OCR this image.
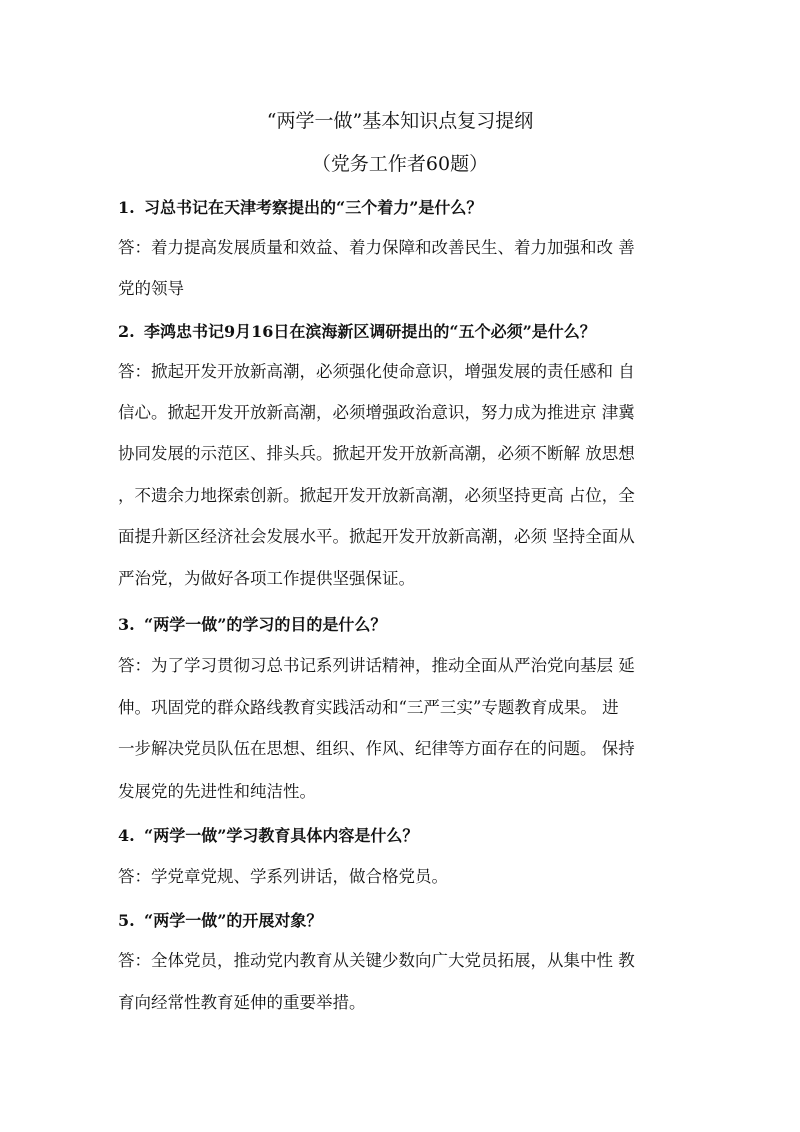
“两学一做”基本知识点复习提纲
（党务工作者60题）
1. 习总书记在天津考察提出的“三个着力”是什么？
答：着力提高发展质量和效益、着力保障和改善民生、着力加强和改 善
党的领导
2. 李鸿忠书记9月16日在滨海新区调研提出的“五个必须”是什么？
答：掀起开发开放新高潮，必须强化使命意识，增强发展的责任感和 自
信心。掀起开发开放新高潮，必须增强政治意识，努力成为推进京 津冀
协同发展的示范区、排头兵。掀起开发开放新高潮，必须不断解 放思想
，不遗余力地探索创新。掀起开发开放新高潮，必须坚持更高 占位，全
面提升新区经济社会发展水平。掀起开发开放新高潮，必须 坚持全面从
严治党，为做好各项工作提供坚强保证。
3. “两学一做”的学习的目的是什么？
答：为了学习贯彻习总书记系列讲话精神，推动全面从严治党向基层 延
伸。巩固党的群众路线教育实践活动和“三严三实”专题教育成果。 进
一步解决党员队伍在思想、组织、作风、纪律等方面存在的问题。 保持
发展党的先进性和纯洁性。
4. “两学一做”学习教育具体内容是什么？
答：学党章党规、学系列讲话，做合格党员。
5. “两学一做”的开展对象？
答：全体党员，推动党内教育从关键少数向广大党员拓展，从集中性 教
育向经常性教育延伸的重要举措。
